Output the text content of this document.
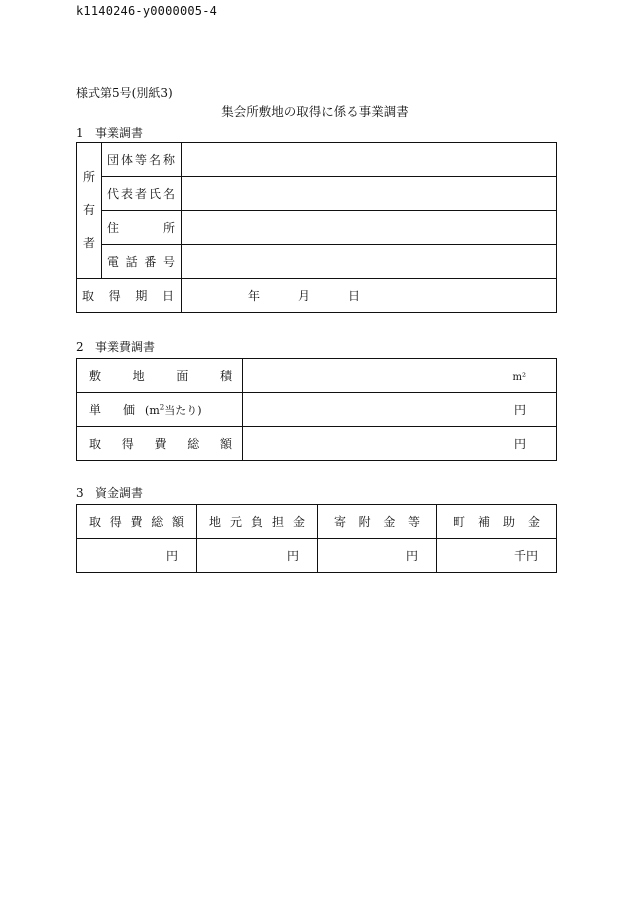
k1140246-y0000005-4
様式第5号(別紙3)
集会所敷地の取得に係る事業調書
1 事業調書
所
有
者	団 体 等 名 称	

	代 表 者 氏 名	

	住 所	

	電 話 番 号	

取 得 期 日		年 月 日
2 事業費調書
敷 地 面 積	m²

単 価 ($m^2$当たり)	円

取 得 費 総 額	円
3 資金調書
取 得 費 総 額	地 元 負 担 金	寄 附 金 等	町 補 助 金

円	円	円	千円
